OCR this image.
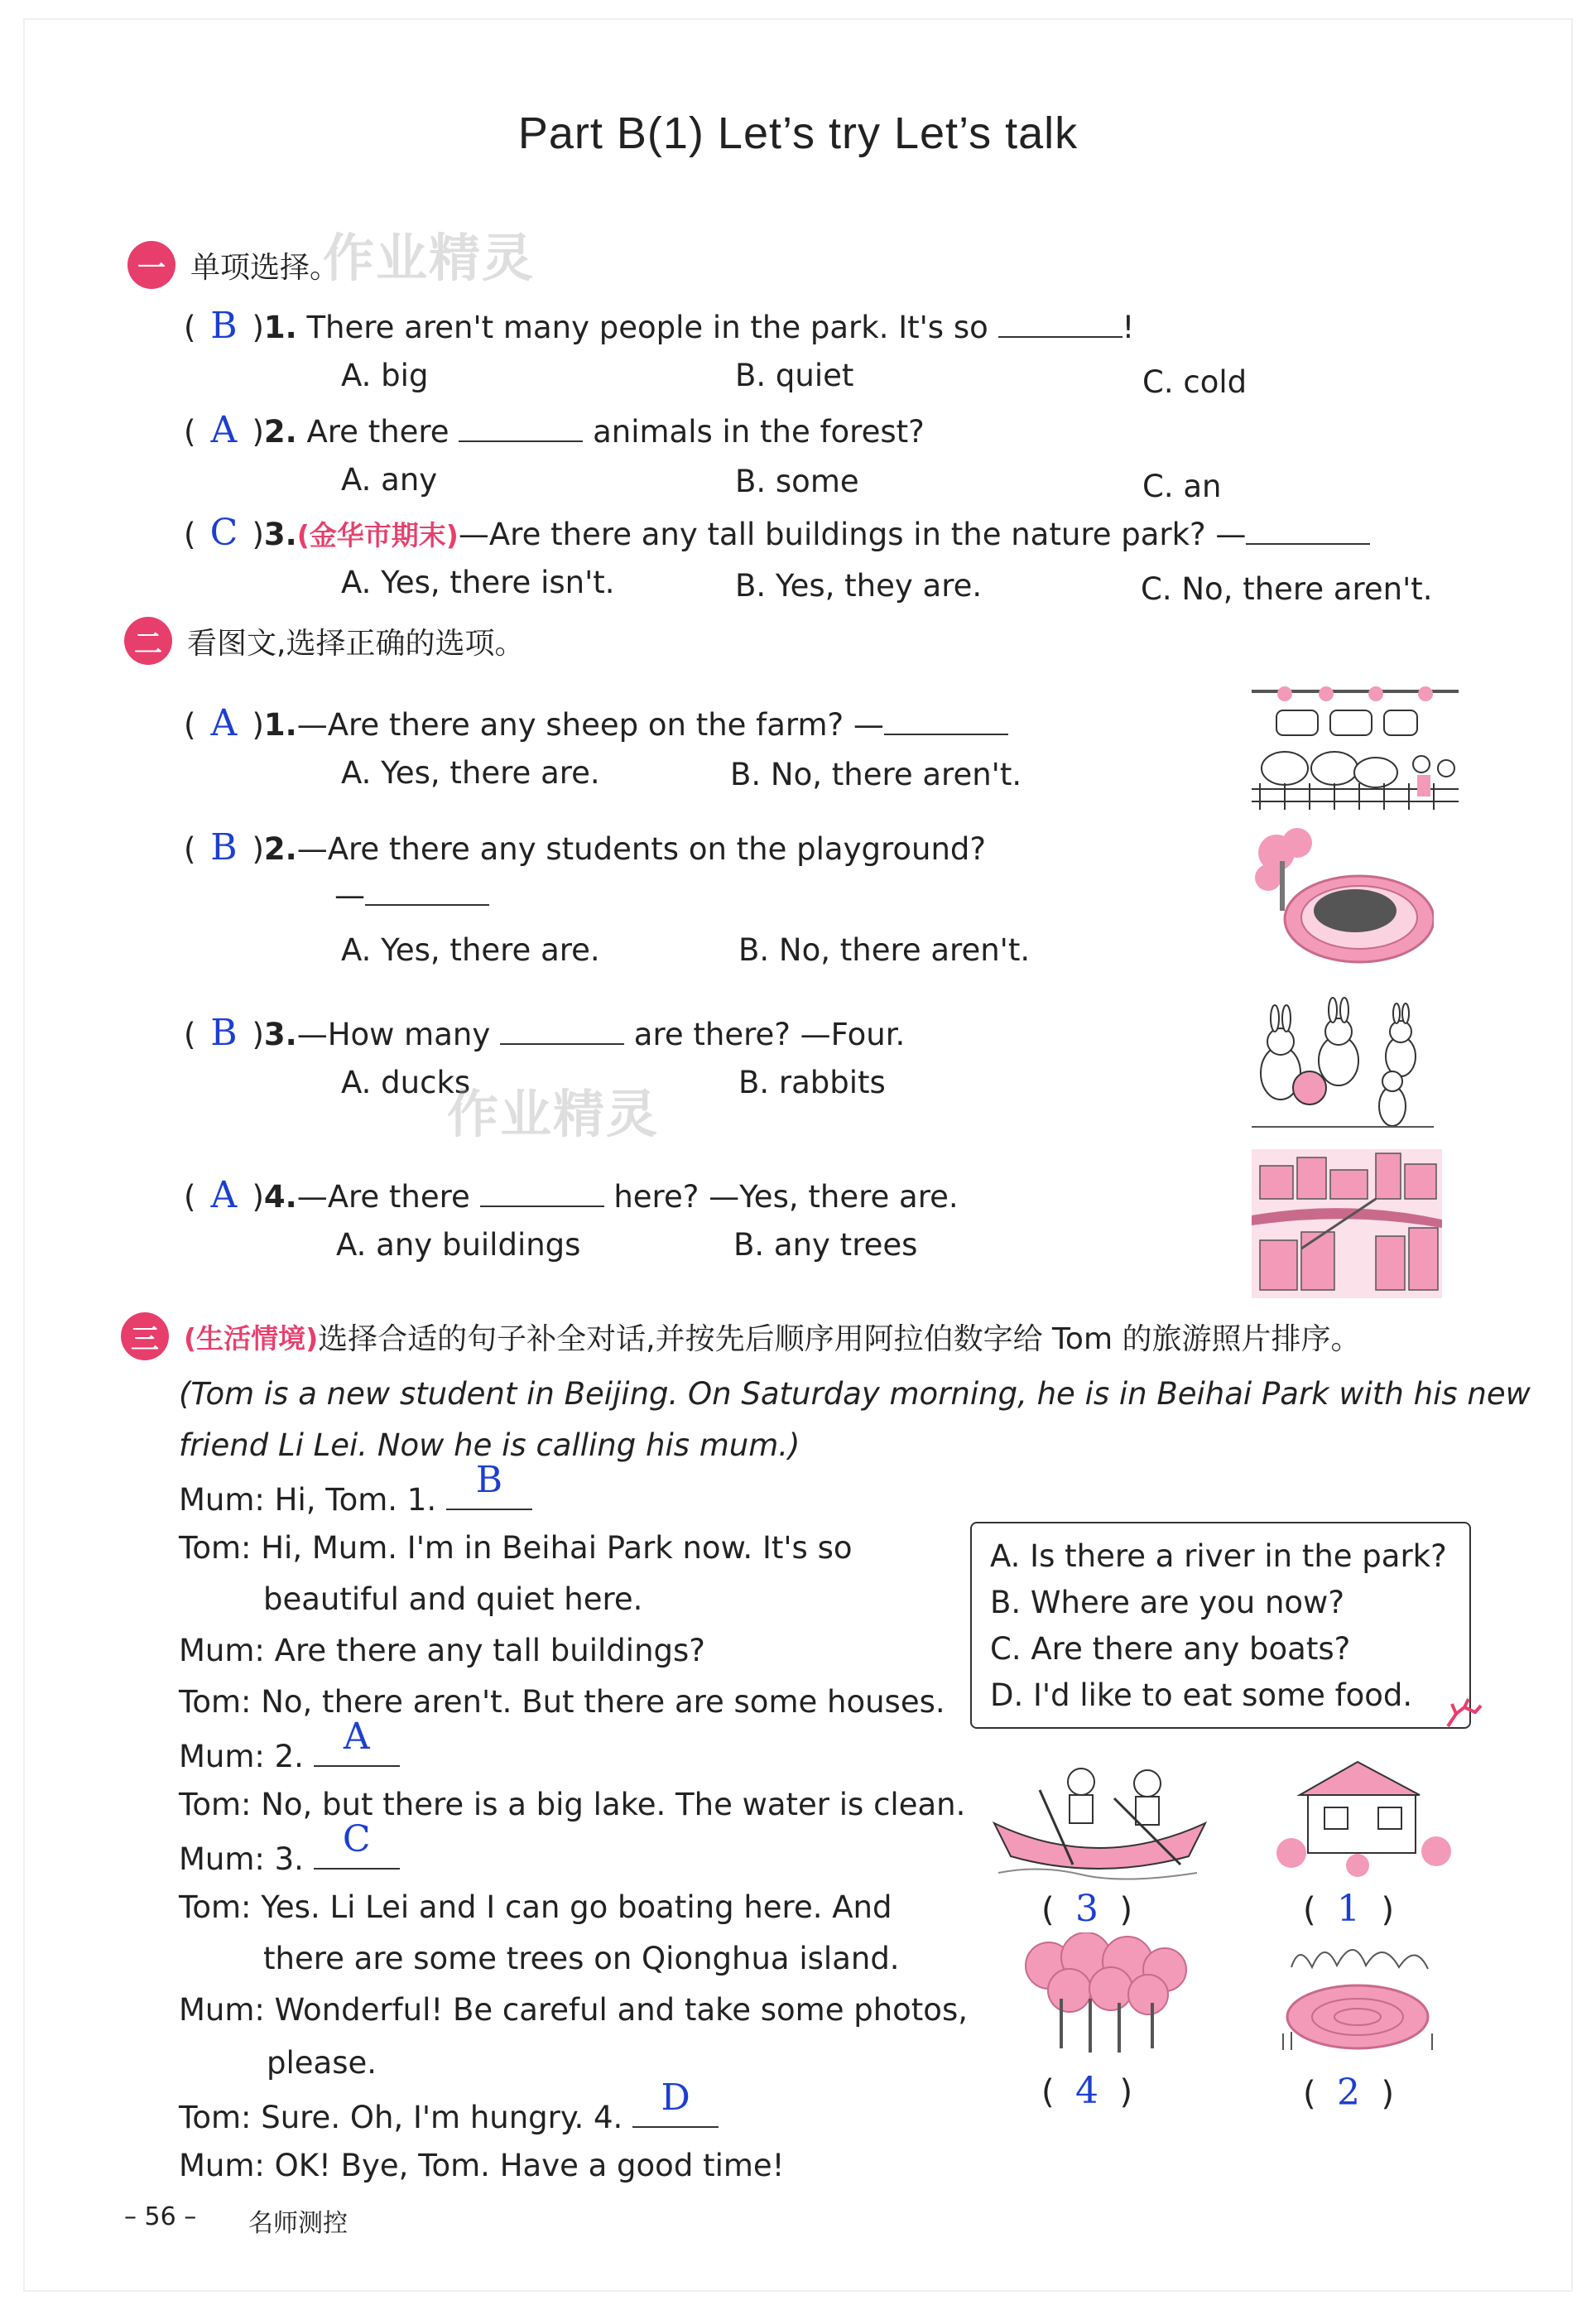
Part B(1) Let’s try Let’s talk
一 单项选择。
作业精灵
( B )1. There aren't many people in the park. It's so	!
A. big	B. quiet	C. cold
( A )2. Are there	animals in the forest?
A. any	B. some	C. an
( C )3.(金华市期末)—Are there any tall buildings in the nature park? —
A. Yes, there isn't.	B. Yes, they are.	C. No, there aren't.
二 看图文,选择正确的选项。
( A )1.—Are there any sheep on the farm? —
A. Yes, there are.	B. No, there aren't.
( B )2.—Are there any students on the playground?
—
A. Yes, there are.	B. No, there aren't.
( B )3.—How many	are there? —Four.
A. ducks	B. rabbits
作业精灵
( A )4.—Are there	here? —Yes, there are.
A. any buildings	B. any trees
三 (生活情境) 选择合适的句子补全对话,并按先后顺序用阿拉伯数字给 Tom 的旅游照片排序。
(Tom is a new student in Beijing. On Saturday morning, he is in Beihai Park with his new
friend Li Lei. Now he is calling his mum.)
Mum: Hi, Tom. 1.	B
Tom: Hi, Mum. I'm in Beihai Park now. It's so
beautiful and quiet here.
Mum: Are there any tall buildings?
Tom: No, there aren't. But there are some houses.
Mum: 2.	A
Tom: No, but there is a big lake. The water is clean.
Mum: 3.	C
Tom: Yes. Li Lei and I can go boating here. And
there are some trees on Qionghua island.
Mum: Wonderful! Be careful and take some photos,
please.
Tom: Sure. Oh, I'm hungry. 4.	D
Mum: OK! Bye, Tom. Have a good time!
A. Is there a river in the park?
B. Where are you now?
C. Are there any boats?
D. I'd like to eat some food.
(  3  )	(  1  )
(  4  )	(  2  )
– 56 – 名师测控
